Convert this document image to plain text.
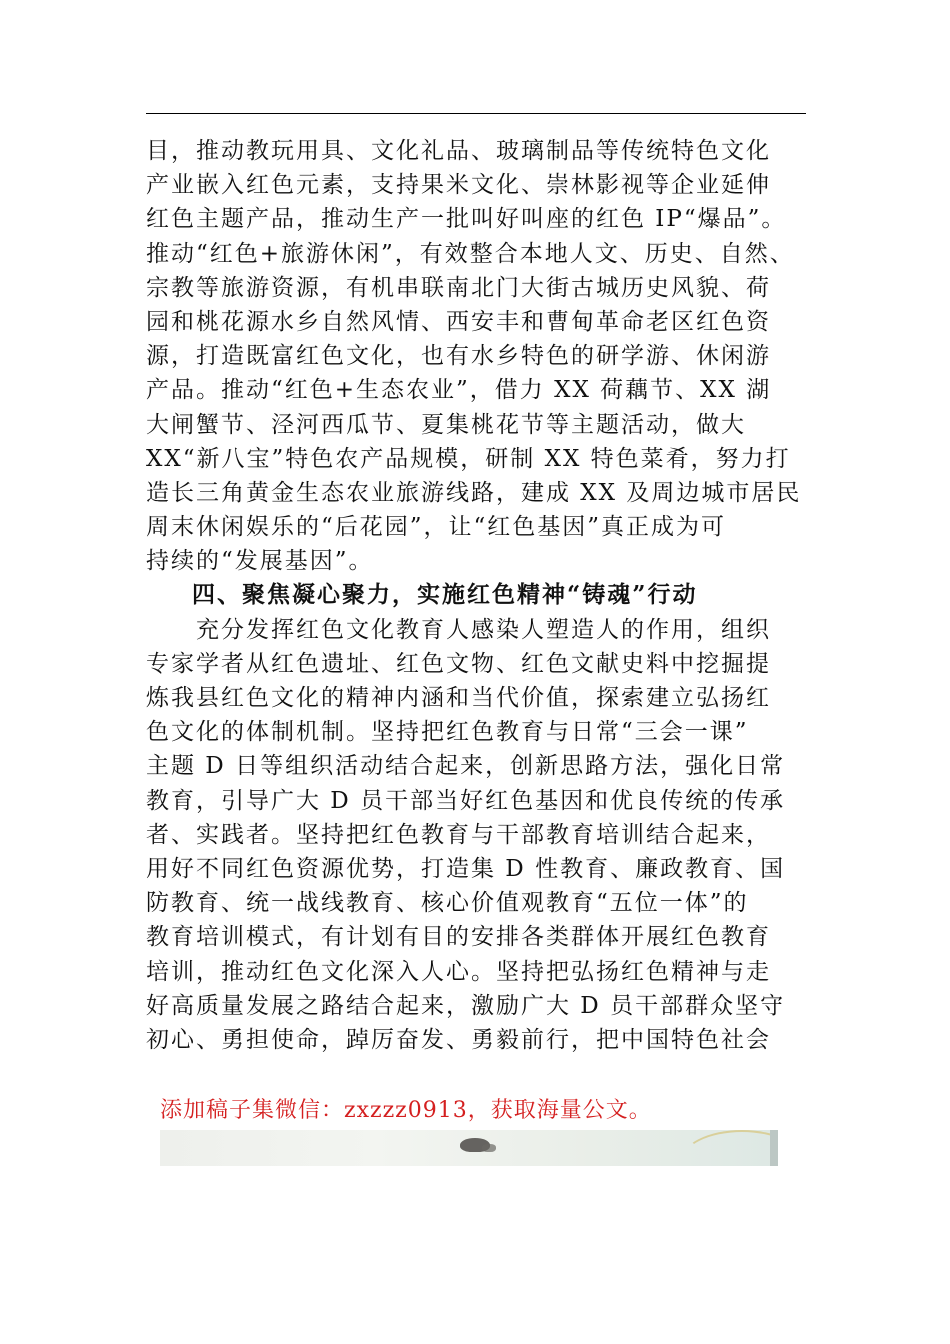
目，推动教玩用具、文化礼品、玻璃制品等传统特色文化

产业嵌入红色元素，支持果米文化、崇林影视等企业延伸

红色主题产品，推动生产一批叫好叫座的红色 IP“爆品”。

推动“红色+旅游休闲”，有效整合本地人文、历史、自然、

宗教等旅游资源，有机串联南北门大街古城历史风貌、荷

园和桃花源水乡自然风情、西安丰和曹甸革命老区红色资

源，打造既富红色文化，也有水乡特色的研学游、休闲游

产品。推动“红色+生态农业”，借力 XX 荷藕节、XX 湖

大闸蟹节、泾河西瓜节、夏集桃花节等主题活动，做大

XX“新八宝”特色农产品规模，研制 XX 特色菜肴，努力打

造长三角黄金生态农业旅游线路，建成 XX 及周边城市居民

周末休闲娱乐的“后花园”，让“红色基因”真正成为可

持续的“发展基因”。

四、聚焦凝心聚力，实施红色精神“铸魂”行动

　　充分发挥红色文化教育人感染人塑造人的作用，组织

专家学者从红色遗址、红色文物、红色文献史料中挖掘提

炼我县红色文化的精神内涵和当代价值，探索建立弘扬红

色文化的体制机制。坚持把红色教育与日常“三会一课”

主题 D 日等组织活动结合起来，创新思路方法，强化日常

教育，引导广大 D 员干部当好红色基因和优良传统的传承

者、实践者。坚持把红色教育与干部教育培训结合起来，

用好不同红色资源优势，打造集 D 性教育、廉政教育、国

防教育、统一战线教育、核心价值观教育“五位一体”的

教育培训模式，有计划有目的安排各类群体开展红色教育

培训，推动红色文化深入人心。坚持把弘扬红色精神与走

好高质量发展之路结合起来，激励广大 D 员干部群众坚守

初心、勇担使命，踔厉奋发、勇毅前行，把中国特色社会

添加稿子集微信：zxzzz0913，获取海量公文。
